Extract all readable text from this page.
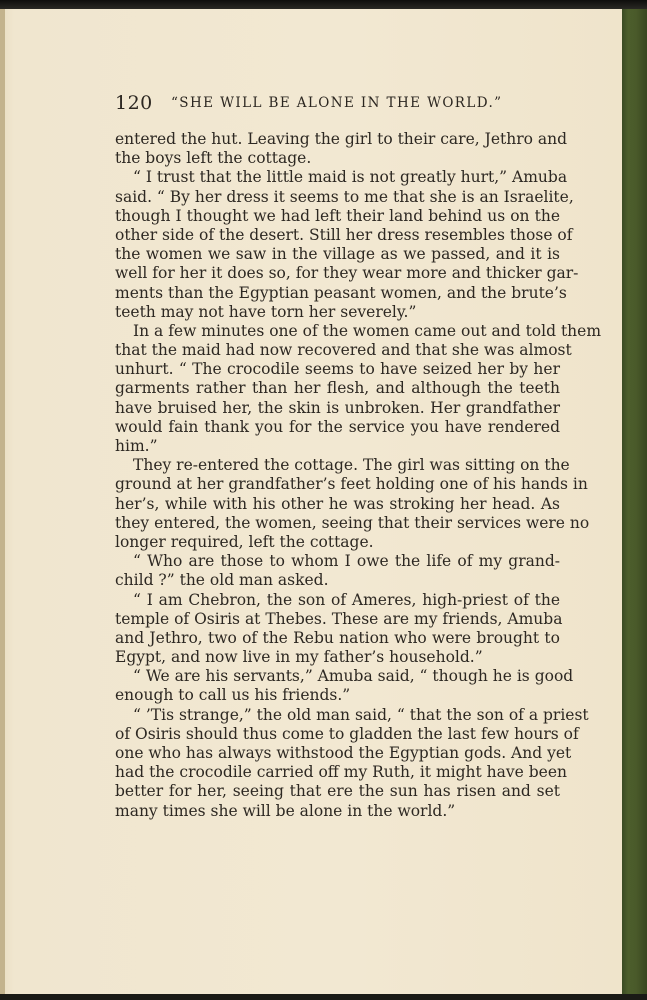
120 “SHE WILL BE ALONE IN THE WORLD.”
entered the hut. Leaving the girl to their care, Jethro and
the boys left the cottage.
“ I trust that the little maid is not greatly hurt,” Amuba
said. “ By her dress it seems to me that she is an Israelite,
though I thought we had left their land behind us on the
other side of the desert. Still her dress resembles those of
the women we saw in the village as we passed, and it is
well for her it does so, for they wear more and thicker gar-
ments than the Egyptian peasant women, and the brute’s
teeth may not have torn her severely.”
In a few minutes one of the women came out and told them
that the maid had now recovered and that she was almost
unhurt. “ The crocodile seems to have seized her by her
garments rather than her flesh, and although the teeth
have bruised her, the skin is unbroken. Her grandfather
would fain thank you for the service you have rendered
him.”
They re-entered the cottage. The girl was sitting on the
ground at her grandfather’s feet holding one of his hands in
her’s, while with his other he was stroking her head. As
they entered, the women, seeing that their services were no
longer required, left the cottage.
“ Who are those to whom I owe the life of my grand-
child ?” the old man asked.
“ I am Chebron, the son of Ameres, high-priest of the
temple of Osiris at Thebes. These are my friends, Amuba
and Jethro, two of the Rebu nation who were brought to
Egypt, and now live in my father’s household.”
“ We are his servants,” Amuba said, “ though he is good
enough to call us his friends.”
“ ’Tis strange,” the old man said, “ that the son of a priest
of Osiris should thus come to gladden the last few hours of
one who has always withstood the Egyptian gods. And yet
had the crocodile carried off my Ruth, it might have been
better for her, seeing that ere the sun has risen and set
many times she will be alone in the world.”
